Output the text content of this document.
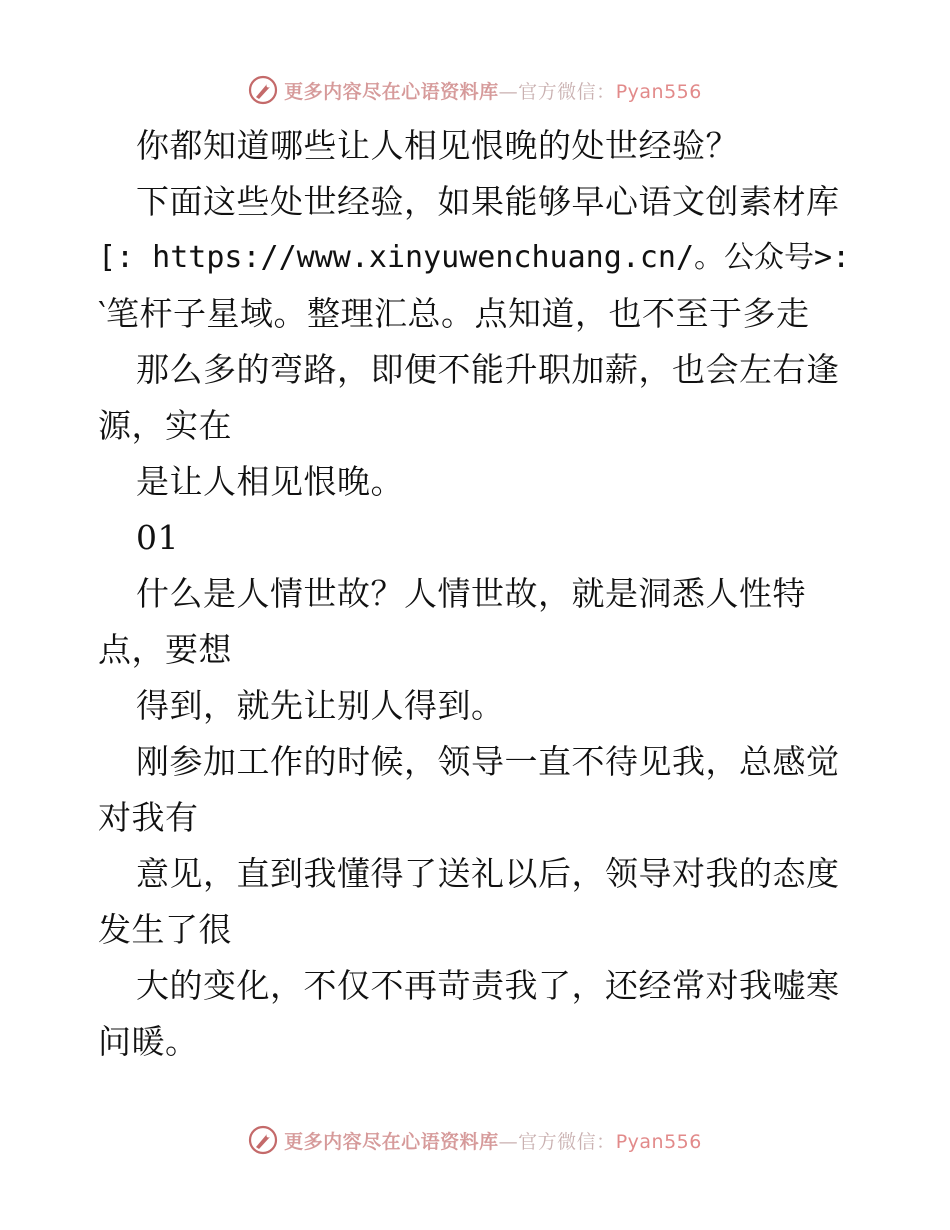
更多内容尽在心语资料库—官方微信：Pyan556
你都知道哪些让人相见恨晚的处世经验？
下面这些处世经验，如果能够早心语文创素材库
[: https://www.xinyuwenchuang.cn/。公众号>:
‵笔杆子星域。整理汇总。点知道，也不至于多走
那么多的弯路，即便不能升职加薪，也会左右逢
源，实在
是让人相见恨晚。
01
什么是人情世故？人情世故，就是洞悉人性特
点，要想
得到，就先让别人得到。
刚参加工作的时候，领导一直不待见我，总感觉
对我有
意见，直到我懂得了送礼以后，领导对我的态度
发生了很
大的变化，不仅不再苛责我了，还经常对我嘘寒
问暖。
更多内容尽在心语资料库—官方微信：Pyan556
